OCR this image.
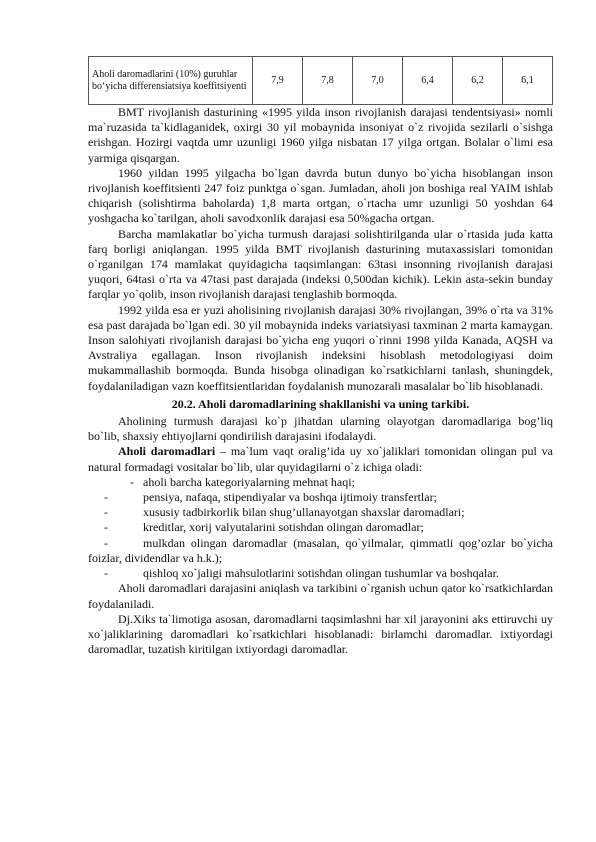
Aholi daromadlarini (10%) guruhlar bo‘yicha differensiatsiya koeffitsiyenti	7,9	7,8	7,0	6,4	6,2	6,1

BMT rivojlanish dasturining «1995 yilda inson rivojlanish darajasi tendentsiyasi» nomli ma`ruzasida ta`kidlaganidek, oxirgi 30 yil mobaynida insoniyat o`z rivojida sezilarli o`sishga erishgan. Hozirgi vaqtda umr uzunligi 1960 yilga nisbatan 17 yilga ortgan. Bolalar o`limi esa yarmiga qisqargan.

1960 yildan 1995 yilgacha bo`lgan davrda butun dunyo bo`yicha hisoblangan inson rivojlanish koeffitsienti 247 foiz punktga o`sgan. Jumladan, aholi jon boshiga real YAIM ishlab chiqarish (solishtirma baholarda) 1,8 marta ortgan, o`rtacha umr uzunligi 50 yoshdan 64 yoshgacha ko`tarilgan, aholi savodxonlik darajasi esa 50%gacha ortgan.

Barcha mamlakatlar bo`yicha turmush darajasi solishtirilganda ular o`rtasida juda katta farq borligi aniqlangan. 1995 yilda BMT rivojlanish dasturining mutaxassislari tomonidan o`rganilgan 174 mamlakat quyidagicha taqsimlangan: 63tasi insonning rivojlanish darajasi yuqori, 64tasi o`rta va 47tasi past darajada (indeksi 0,500dan kichik). Lekin asta-sekin bunday farqlar yo`qolib, inson rivojlanish darajasi tenglashib bormoqda.

1992 yilda esa er yuzi aholisining rivojlanish darajasi 30% rivojlangan, 39% o`rta va 31% esa past darajada bo`lgan edi. 30 yil mobaynida indeks variatsiyasi taxminan 2 marta kamaygan. Inson salohiyati rivojlanish darajasi bo`yicha eng yuqori o`rinni 1998 yilda Kanada, AQSH va Avstraliya egallagan. Inson rivojlanish indeksini hisoblash metodologiyasi doim mukammallashib bormoqda. Bunda hisobga olinadigan ko`rsatkichlarni tanlash, shuningdek, foydalaniladigan vazn koeffitsientlaridan foydalanish munozarali masalalar bo`lib hisoblanadi.

20.2. Aholi daromadlarining shakllanishi va uning tarkibi.

Aholining turmush darajasi ko`p jihatdan ularning olayotgan daromadlariga bog’liq bo`lib, shaxsiy ehtiyojlarni qondirilish darajasini ifodalaydi.

Aholi daromadlari – ma`lum vaqt oralig’ida uy xo`jaliklari tomonidan olingan pul va natural formadagi vositalar bo`lib, ular quyidagilarni o`z ichiga oladi:

- aholi barcha kategoriyalarning mehnat haqi;
-	pensiya, nafaqa, stipendiyalar va boshqa ijtimoiy transfertlar;
-	xususiy tadbirkorlik bilan shug’ullanayotgan shaxslar daromadlari;
-	kreditlar, xorij valyutalarini sotishdan olingan daromadlar;
-	mulkdan olingan daromadlar (masalan, qo`yilmalar, qimmatli qog’ozlar bo`yicha foizlar, dividendlar va h.k.);
-	qishloq xo`jaligi mahsulotlarini sotishdan olingan tushumlar va boshqalar.

Aholi daromadlari darajasini aniqlash va tarkibini o`rganish uchun qator ko`rsatkichlardan foydalaniladi.

Dj.Xiks ta`limotiga asosan, daromadlarni taqsimlashni har xil jarayonini aks ettiruvchi uy xo`jaliklarining daromadlari ko`rsatkichlari hisoblanadi: birlamchi daromadlar. ixtiyordagi daromadlar, tuzatish kiritilgan ixtiyordagi daromadlar.
